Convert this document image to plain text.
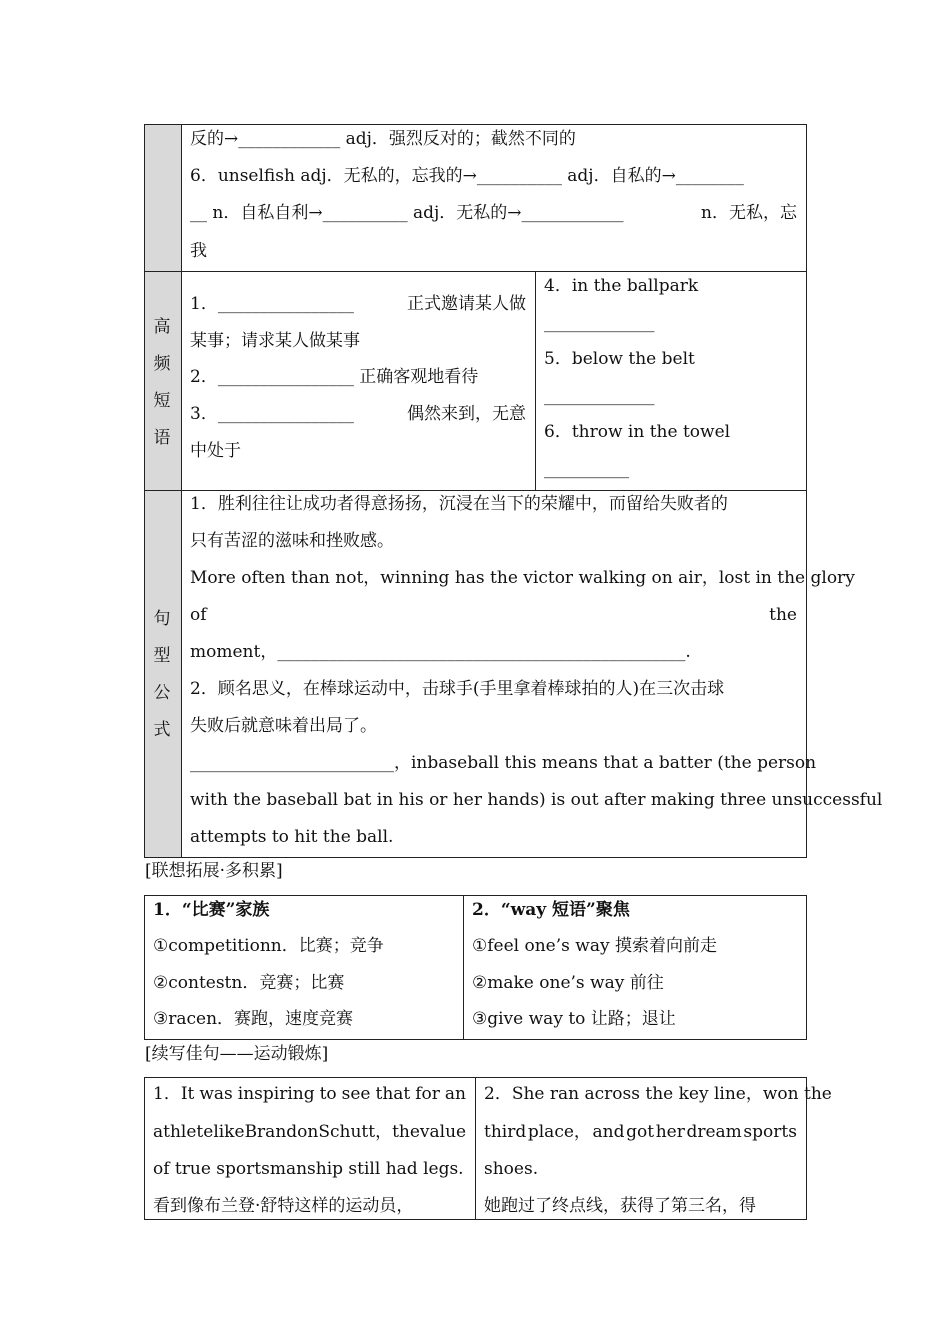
反的→____________ adj．强烈反对的；截然不同的
6．unselfish adj．无私的，忘我的→__________ adj．自私的→________
__ n．自私自利→__________ adj．无私的→____________	n．无私，忘
我
高
频
短
语
1．________________	正式邀请某人做
某事；请求某人做某事
2．________________ 正确客观地看待
3．________________	偶然来到，无意
中处于
4．in the ballpark
_____________
5．below the belt
_____________
6．throw in the towel
__________
句
型
公
式
1．胜利往往让成功者得意扬扬，沉浸在当下的荣耀中，而留给失败者的
只有苦涩的滋味和挫败感。
More often than not，winning has the victor walking on air，lost in the glory
of	the
moment，________________________________________________.
2．顾名思义，在棒球运动中，击球手(手里拿着棒球拍的人)在三次击球
失败后就意味着出局了。
________________________，in baseball this means that a batter (the person
with the baseball bat in his or her hands) is out after making three unsuccessful
attempts to hit the ball.
[联想拓展·多积累]
1．“比赛”家族
①competitionn．比赛；竞争
②contestn．竞赛；比赛
③racen．赛跑，速度竞赛
2．“way 短语”聚焦
①feel one’s way 摸索着向前走
②make one’s way 前往
③give way to 让路；退让
[续写佳句——运动锻炼]
1．It was inspiring to see that for an
athlete like Brandon Schutt， the value
of true sportsmanship still had legs.
看到像布兰登·舒特这样的运动员，
2．She ran across the key line，won the
third place， and got her dream sports
shoes.
她跑过了终点线，获得了第三名，得
